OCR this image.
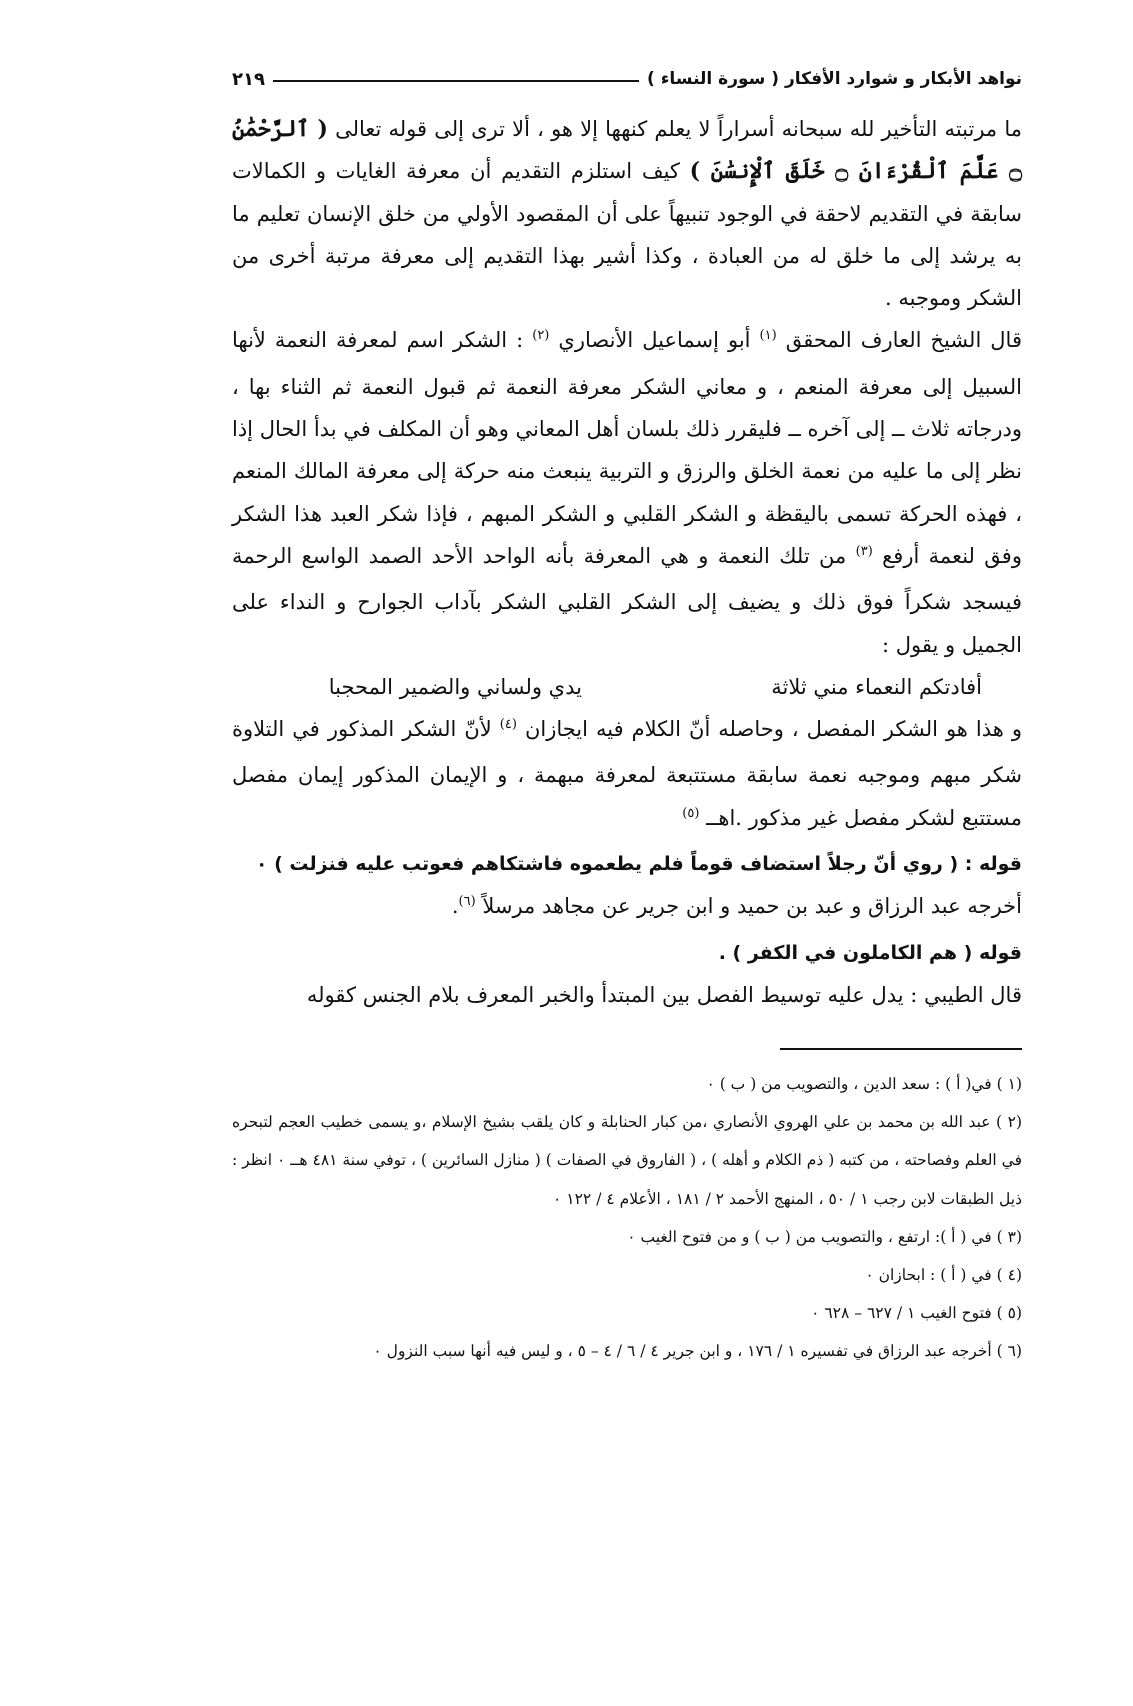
نواهد الأبكار و شوارد الأفكار ( سورة النساء )
٢١٩

ما مرتبته التأخير لله سبحانه أسراراً لا يعلم كنهها إلا هو ، ألا ترى إلى قوله تعالى ( ٱلرَّحْمَٰنُ ۝ عَلَّمَ ٱلْقُرْءَانَ ۝ خَلَقَ ٱلْإِنسَٰنَ ) كيف استلزم التقديم أن معرفة الغايات و الكمالات سابقة في التقديم لاحقة في الوجود تنبيهاً على أن المقصود الأولي من خلق الإنسان تعليم ما به يرشد إلى ما خلق له من العبادة ، وكذا أشير بهذا التقديم إلى معرفة مرتبة أخرى من الشكر وموجبه .

قال الشيخ العارف المحقق $^{(١)}$ أبو إسماعيل الأنصاري $^{(٢)}$ : الشكر اسم لمعرفة النعمة لأنها السبيل إلى معرفة المنعم ، و معاني الشكر معرفة النعمة ثم قبول النعمة ثم الثناء بها ، ودرجاته ثلاث ــ إلى آخره ــ فليقرر ذلك بلسان أهل المعاني وهو أن المكلف في بدأ الحال إذا نظر إلى ما عليه من نعمة الخلق والرزق و التربية ينبعث منه حركة إلى معرفة المالك المنعم ، فهذه الحركة تسمى باليقظة و الشكر القلبي و الشكر المبهم ، فإذا شكر العبد هذا الشكر وفق لنعمة أرفع $^{(٣)}$ من تلك النعمة و هي المعرفة بأنه الواحد الأحد الصمد الواسع الرحمة فيسجد شكراً فوق ذلك و يضيف إلى الشكر القلبي الشكر بآداب الجوارح و النداء على الجميل و يقول :

أفادتكم النعماء مني ثلاثة
يدي ولساني والضمير المحجبا

و هذا هو الشكر المفصل ، وحاصله أنّ الكلام فيه ايجازان $^{(٤)}$ لأنّ الشكر المذكور في التلاوة شكر مبهم وموجبه نعمة سابقة مستتبعة لمعرفة مبهمة ، و الإيمان المذكور إيمان مفصل مستتبع لشكر مفصل غير مذكور .اهــ $^{(٥)}$

قوله : ( روي أنّ رجلاً استضاف قوماً فلم يطعموه فاشتكاهم فعوتب عليه فنزلت ) ٠

أخرجه عبد الرزاق و عبد بن حميد و ابن جرير عن مجاهد مرسلاً $^{(٦)}$.

قوله ( هم الكاملون في الكفر ) .

قال الطيبي : يدل عليه توسيط الفصل بين المبتدأ والخبر المعرف بلام الجنس كقوله

(١ ) في( أ ) : سعد الدين ، والتصويب من ( ب ) ٠

(٢ ) عبد الله بن محمد بن علي الهروي الأنصاري ،من كبار الحنابلة و كان يلقب بشيخ الإسلام ،و يسمى خطيب العجم لتبحره في العلم وفصاحته ، من كتبه ( ذم الكلام و أهله ) ، ( الفاروق في الصفات ) ( منازل السائرين ) ، توفي سنة ٤٨١ هــ ٠ انظر : ذيل الطبقات لابن رجب ١ / ٥٠ ، المنهج الأحمد ٢ / ١٨١ ، الأعلام ٤ / ١٢٢ ٠

(٣ ) في ( أ ): ارتفع ، والتصويب من ( ب ) و من فتوح الغيب ٠

(٤ ) في ( أ ) : ابحازان ٠

(٥ ) فتوح الغيب ١ / ٦٢٧ – ٦٢٨ ٠

(٦ ) أخرجه عبد الرزاق في تفسيره ١ / ١٧٦ ، و ابن جرير ٤ / ٦ / ٤ – ٥ ، و ليس فيه أنها سبب النزول ٠
